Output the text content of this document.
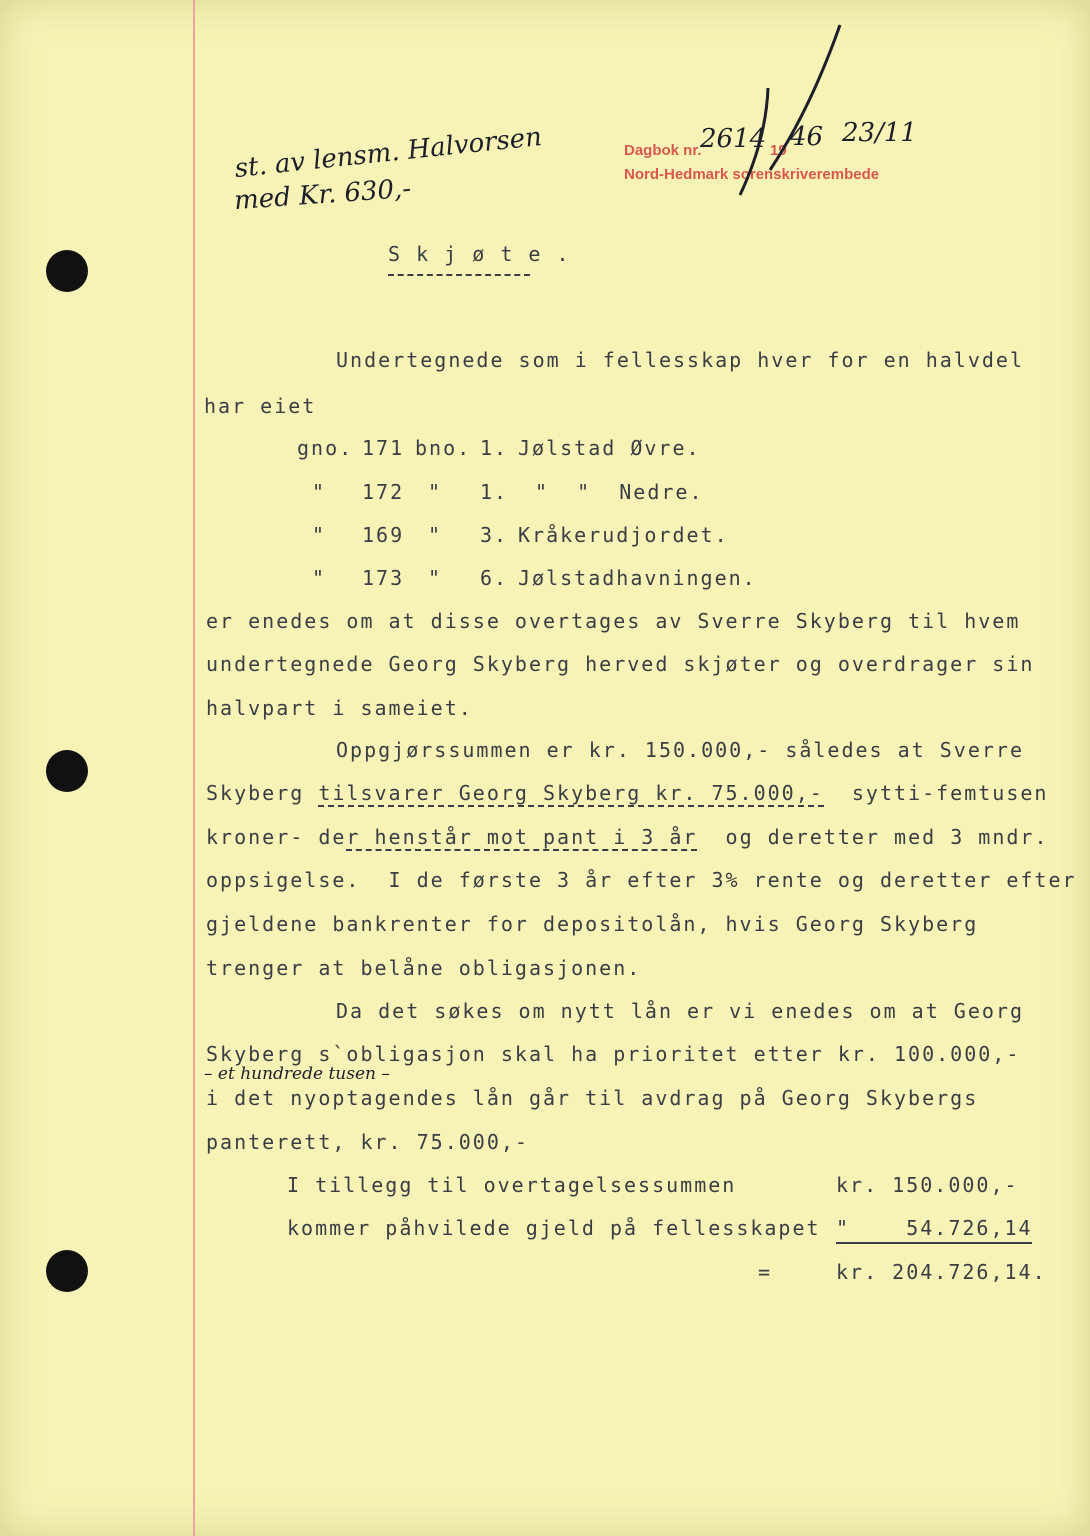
Dagbok nr.
2614 19 46 23/11
Nord-Hedmark sorenskriverembede
st. av lensm. Halvorsen
med Kr. 630,-
S k j ø t e .
Undertegnede som i fellesskap hver for en halvdel
har eiet
gno. 171 bno. 1. Jølstad Øvre.
" 172 " 1. "  "  Nedre.
" 169 " 3. Kråkerudjordet.
" 173 " 6. Jølstadhavningen.
er enedes om at disse overtages av Sverre Skyberg til hvem
undertegnede Georg Skyberg herved skjøter og overdrager sin
halvpart i sameiet.
Oppgjørssummen er kr. 150.000,- således at Sverre
Skyberg tilsvarer Georg Skyberg kr. 75.000,-  sytti-femtusen
kroner- der henstår mot pant i 3 år  og deretter med 3 mndr.
oppsigelse.  I de første 3 år efter 3% rente og deretter efter
gjeldene bankrenter for depositolån, hvis Georg Skyberg
trenger at belåne obligasjonen.
Da det søkes om nytt lån er vi enedes om at Georg
Skyberg s`obligasjon skal ha prioritet etter kr. 100.000,-
– et hundrede tusen –
i det nyoptagendes lån går til avdrag på Georg Skybergs
panterett, kr. 75.000,-
I tillegg til overtagelsessummen	kr. 150.000,-
kommer påhvilede gjeld på fellesskapet "    54.726,14
=	kr. 204.726,14.
